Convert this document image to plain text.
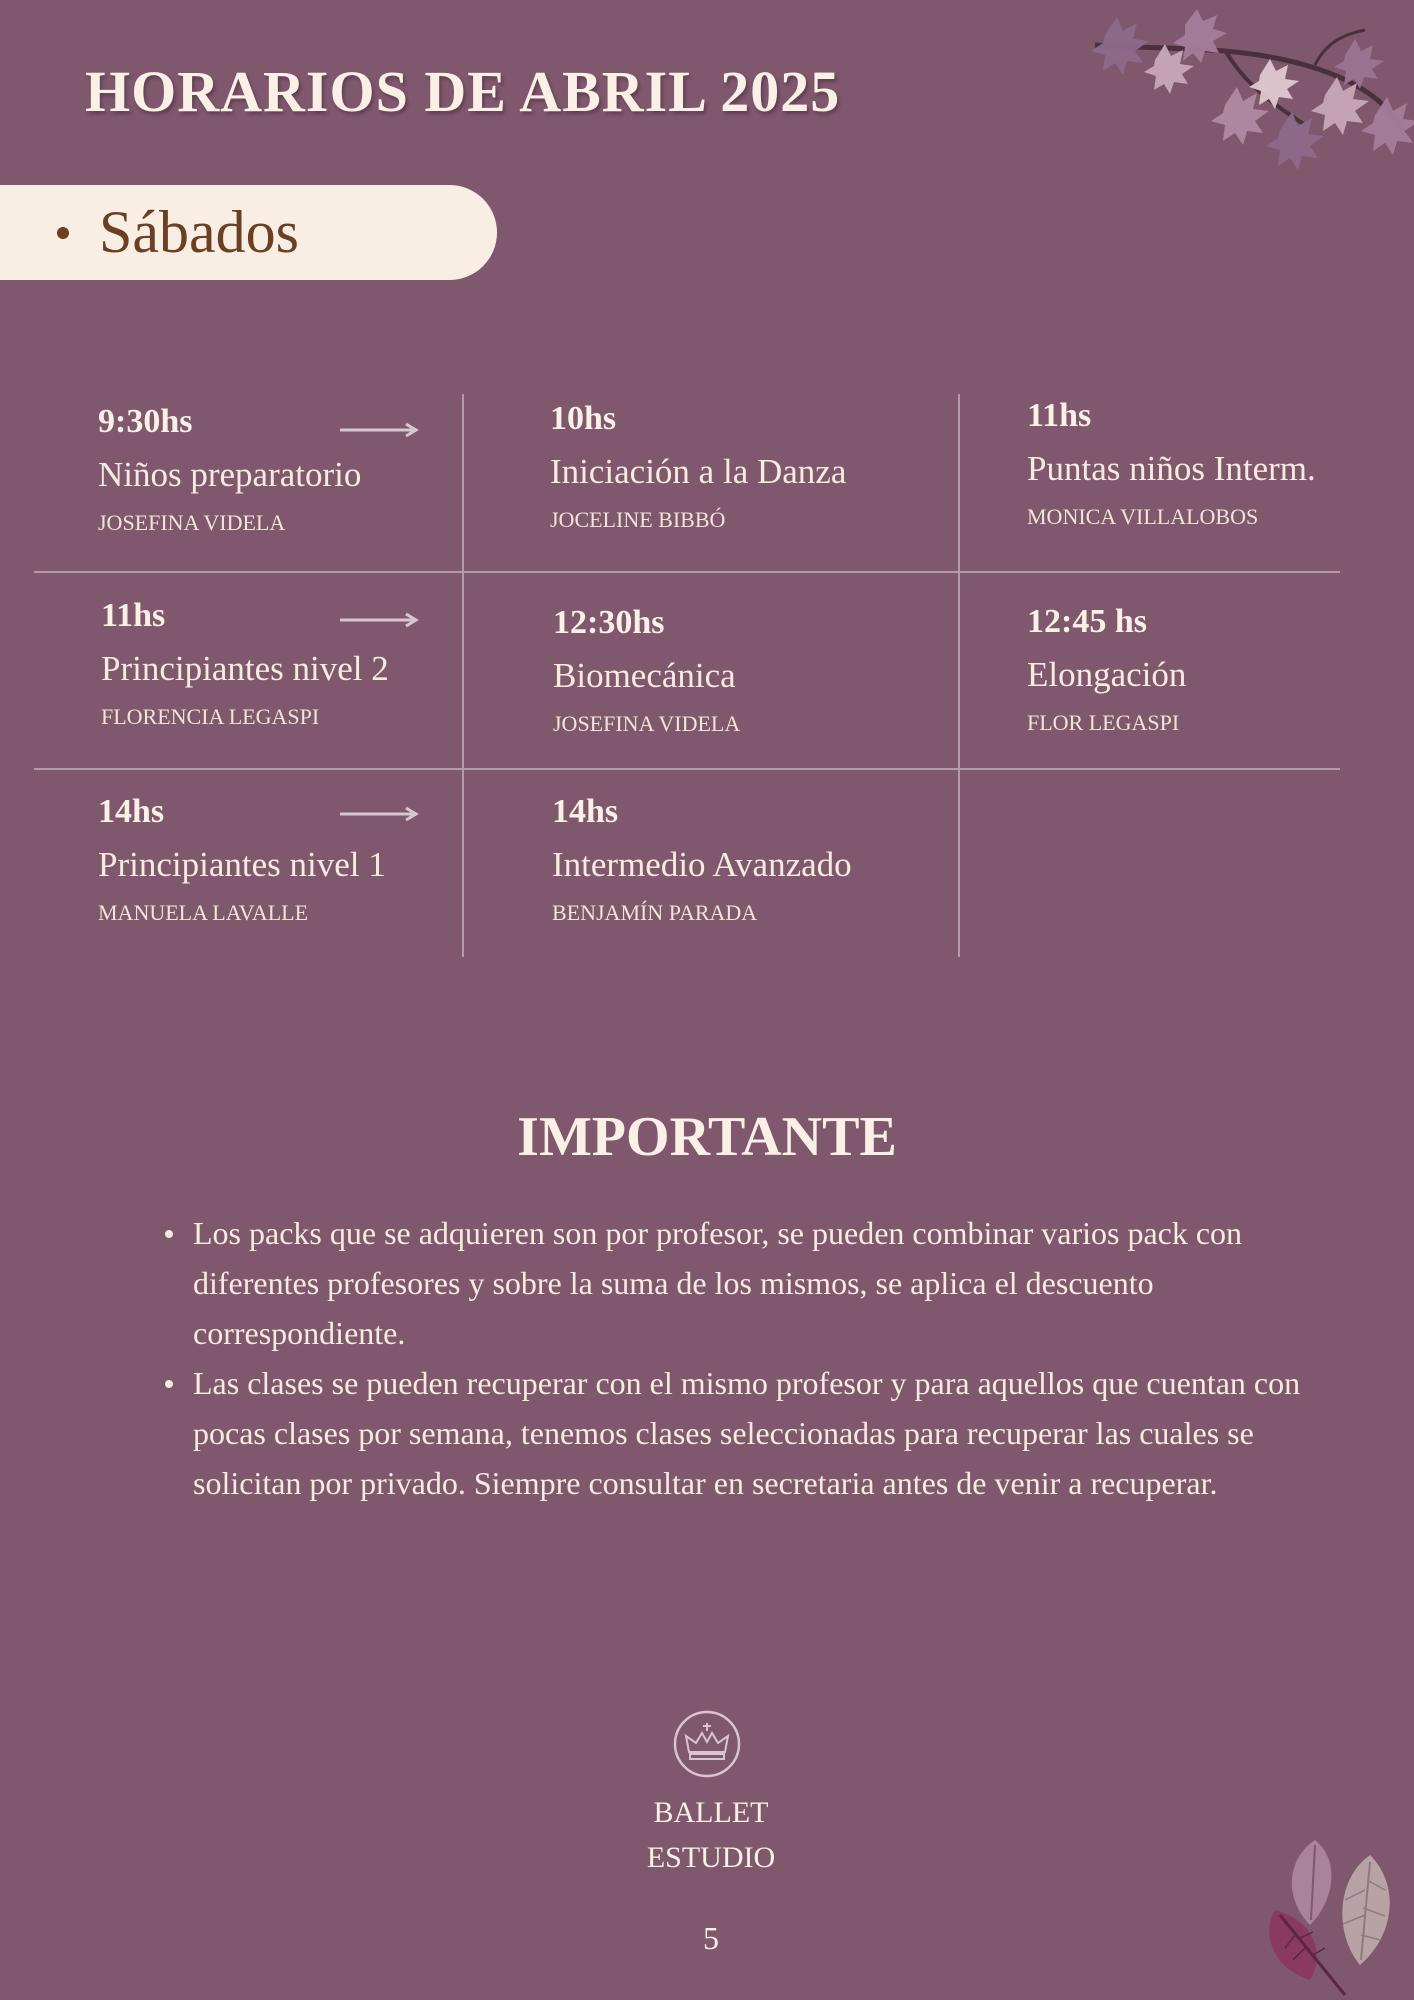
HORARIOS DE ABRIL 2025
Sábados
9:30hs
Niños preparatorio
JOSEFINA VIDELA
10hs
Iniciación a la Danza
JOCELINE BIBBÓ
11hs
Puntas niños Interm.
MONICA VILLALOBOS
11hs
Principiantes nivel 2
FLORENCIA LEGASPI
12:30hs
Biomecánica
JOSEFINA VIDELA
12:45 hs
Elongación
FLOR LEGASPI
14hs
Principiantes nivel 1
MANUELA LAVALLE
14hs
Intermedio Avanzado
BENJAMÍN PARADA
IMPORTANTE
Los packs que se adquieren son por profesor, se pueden combinar varios pack con diferentes profesores y sobre la suma de los mismos, se aplica el descuento correspondiente.
Las clases se pueden recuperar con el mismo profesor y para aquellos que cuentan con pocas clases por semana, tenemos clases seleccionadas para recuperar las cuales se solicitan por privado. Siempre consultar en secretaria antes de venir a recuperar.
BALLET
ESTUDIO
5
